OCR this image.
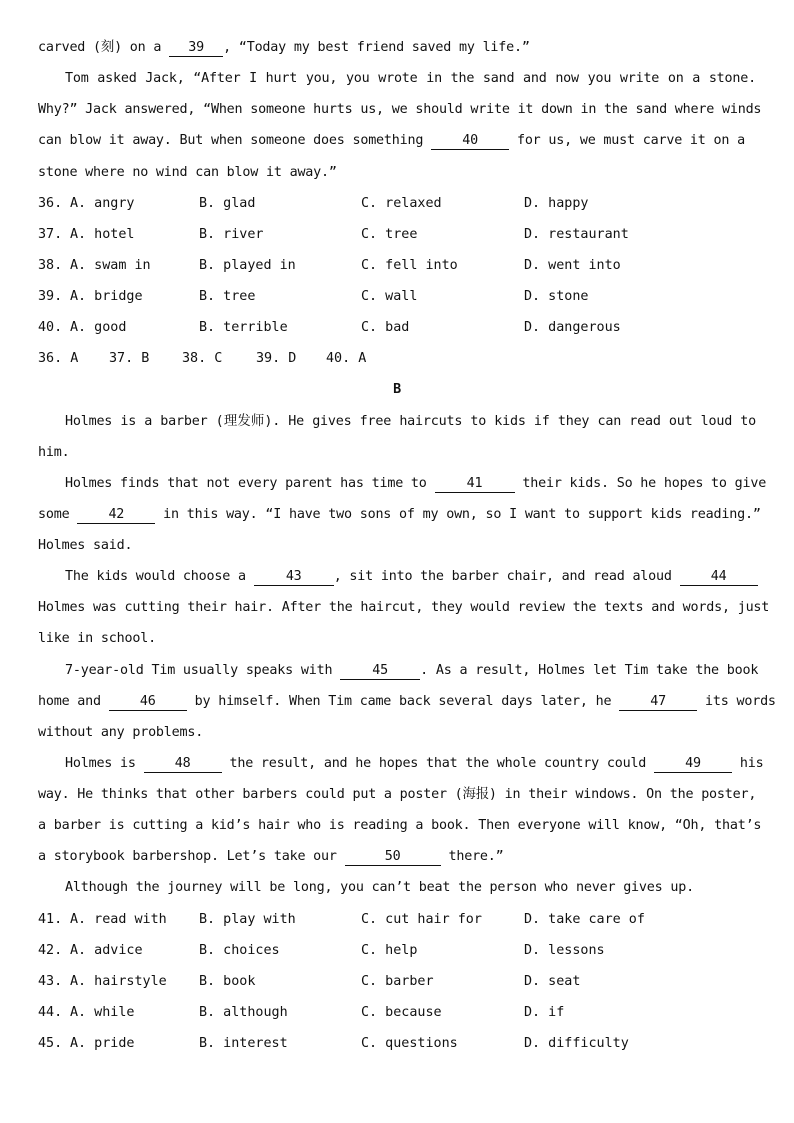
carved (刻) on a 39 , “Today my best friend saved my life.”
Tom asked Jack, “After I hurt you, you wrote in the sand and now you write on a stone.
Why?” Jack answered, “When someone hurts us, we should write it down in the sand where winds
can blow it away. But when someone does something 40 for us, we must carve it on a
stone where no wind can blow it away.”
36. A. angry	B. glad	C. relaxed	D. happy
37. A. hotel	B. river	C. tree	D. restaurant
38. A. swam in	B. played in	C. fell into	D. went into
39. A. bridge	B. tree	C. wall	D. stone
40. A. good	B. terrible	C. bad	D. dangerous
36. A 37. B 38. C	39. D 40. A
B
Holmes is a barber (理发师). He gives free haircuts to kids if they can read out loud to
him.
Holmes finds that not every parent has time to 41 their kids. So he hopes to give
some 42 in this way. “I have two sons of my own, so I want to support kids reading.”
Holmes said.
The kids would choose a 43 , sit into the barber chair, and read aloud 44
Holmes was cutting their hair. After the haircut, they would review the texts and words, just
like in school.
7-year-old Tim usually speaks with 45 . As a result, Holmes let Tim take the book
home and 46 by himself. When Tim came back several days later, he 47 its words
without any problems.
Holmes is 48 the result, and he hopes that the whole country could 49 his
way. He thinks that other barbers could put a poster (海报) in their windows. On the poster,
a barber is cutting a kid’s hair who is reading a book. Then everyone will know, “Oh, that’s
a storybook barbershop. Let’s take our	50	there.”
Although the journey will be long, you can’t beat the person who never gives up.
41. A. read with B. play with	C. cut hair for	D. take care of
42. A. advice	B. choices	C. help	D. lessons
43. A. hairstyle B. book	C. barber	D. seat
44. A. while	B. although	C. because	D. if
45. A. pride	B. interest	C. questions	D. difficulty
